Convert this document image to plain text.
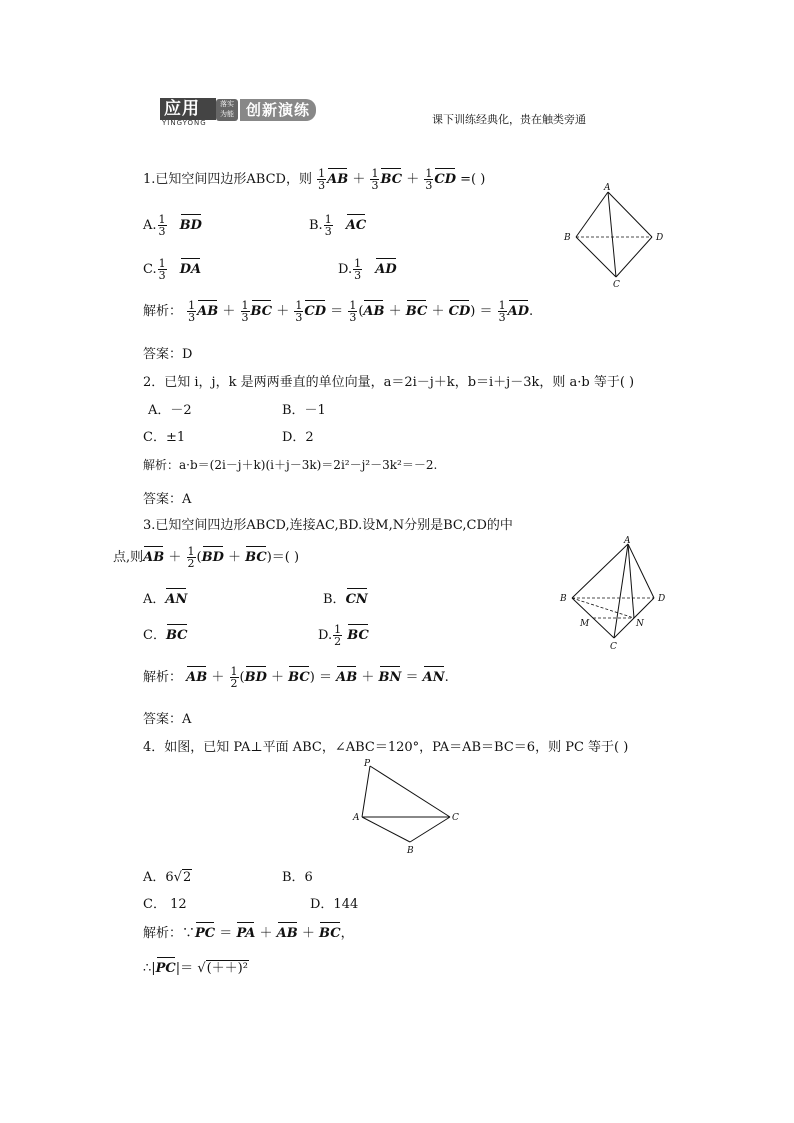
应用
YINGYONG
落实 为能 创新演练
课下训练经典化，贵在触类旁通
1.已知空间四边形ABCD，则 $\frac{1}{3}$ AB ＋ $\frac{1}{3}$ BC ＋ $\frac{1}{3}$ CD =( )
A. $\frac{1}{3}$ BD	B. $\frac{1}{3}$ AC
C. $\frac{1}{3}$ DA	D. $\frac{1}{3}$ AD
解析： $\frac{1}{3}$ AB ＋ $\frac{1}{3}$ BC ＋ $\frac{1}{3}$ CD ＝ $\frac{1}{3} (AB$ ＋ BC ＋ $CD) = \frac{1}{3}$ AD.
答案：D
A
B
C
D
2．已知 i，j，k 是两两垂直的单位向量，a＝2i－j＋k，b＝i＋j－3k，则 a·b 等于( )
A．－2	B．－1
C．±1	D．2
解析：a·b＝(2i－j＋k)(i＋j－3k)＝2i²－j²－3k²＝－2.
答案：A
3.已知空间四边形ABCD,连接AC,BD.设M,N分别是BC,CD的中
点,则AB ＋ $\frac{1}{2} (BD + BC)=$( )
A．AN	B．CN
C．BC	D. $\frac{1}{2}$ BC
解析： AB ＋ $\frac{1}{2} (BD + BC)$ ＝ AB ＋ BN ＝ AN.
答案：A
A
B
C
D
M	N
4．如图，已知 PA⊥平面 ABC，∠ABC＝120°，PA＝AB＝BC＝6，则 PC 等于( )
P
A	C
B
A．6√2	B．6
C． 12	D．144
解析：∵PC ＝ PA ＋ AB ＋ BC，
∴|PC|＝ √(＋＋)²
